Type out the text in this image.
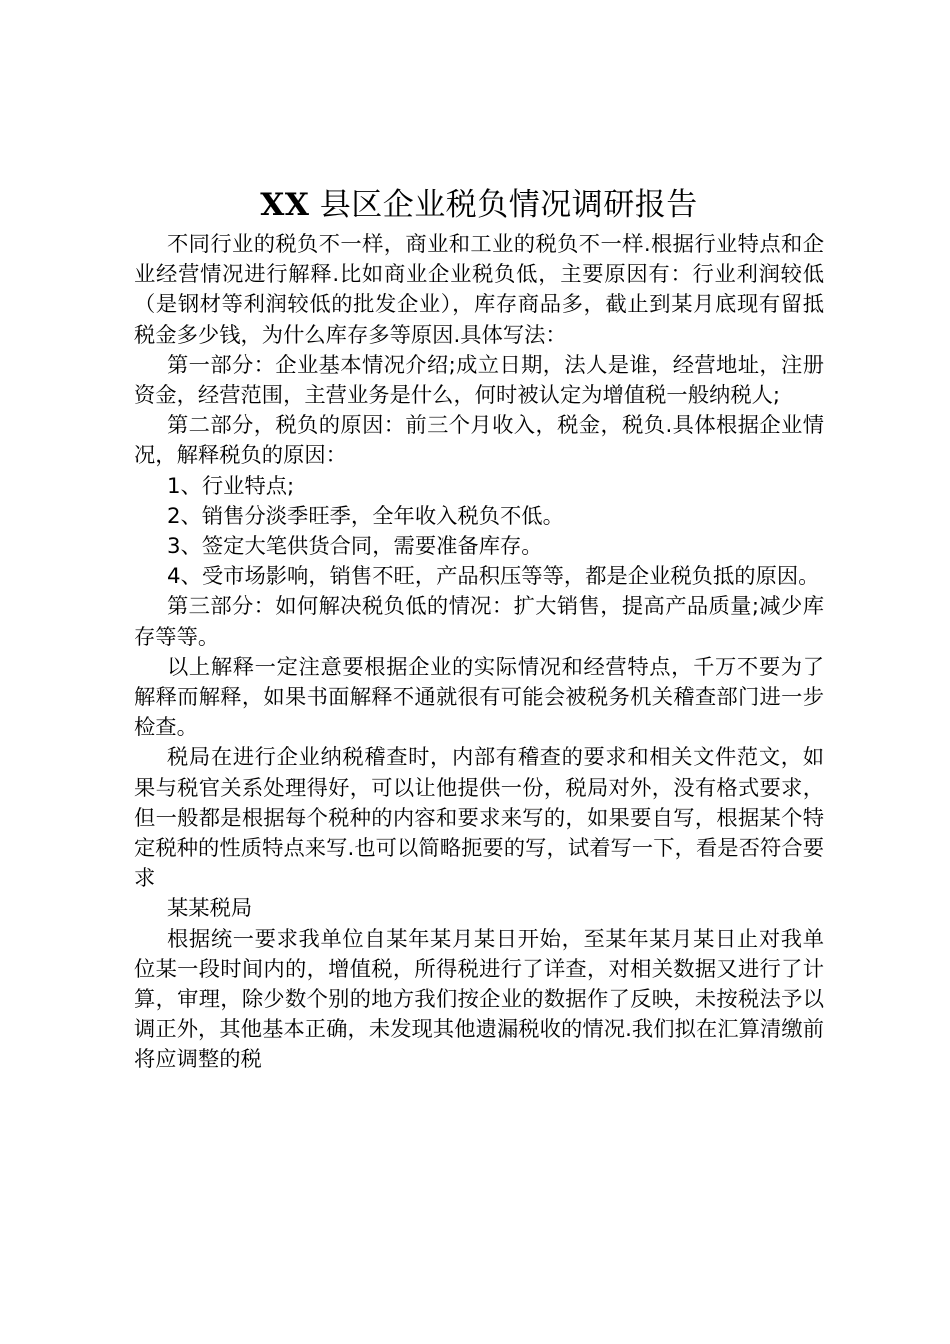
XX 县区企业税负情况调研报告

不同行业的税负不一样，商业和工业的税负不一样.根据行业特点和企业经营情况进行解释.比如商业企业税负低，主要原因有：行业利润较低（是钢材等利润较低的批发企业），库存商品多，截止到某月底现有留抵税金多少钱，为什么库存多等原因.具体写法：

第一部分：企业基本情况介绍;成立日期，法人是谁，经营地址，注册资金，经营范围，主营业务是什么，何时被认定为增值税一般纳税人;

第二部分，税负的原因：前三个月收入，税金，税负.具体根据企业情况，解释税负的原因：

1、行业特点;

2、销售分淡季旺季，全年收入税负不低。

3、签定大笔供货合同，需要准备库存。

4、受市场影响，销售不旺，产品积压等等，都是企业税负抵的原因。

第三部分：如何解决税负低的情况：扩大销售，提高产品质量;减少库存等等。

以上解释一定注意要根据企业的实际情况和经营特点，千万不要为了解释而解释，如果书面解释不通就很有可能会被税务机关稽查部门进一步检查。

税局在进行企业纳税稽查时，内部有稽查的要求和相关文件范文，如果与税官关系处理得好，可以让他提供一份，税局对外，没有格式要求，但一般都是根据每个税种的内容和要求来写的，如果要自写，根据某个特定税种的性质特点来写.也可以简略扼要的写，试着写一下，看是否符合要求

某某税局

根据统一要求我单位自某年某月某日开始，至某年某月某日止对我单位某一段时间内的，增值税，所得税进行了详查，对相关数据又进行了计算，审理，除少数个别的地方我们按企业的数据作了反映，未按税法予以调正外，其他基本正确，未发现其他遗漏税收的情况.我们拟在汇算清缴前将应调整的税
